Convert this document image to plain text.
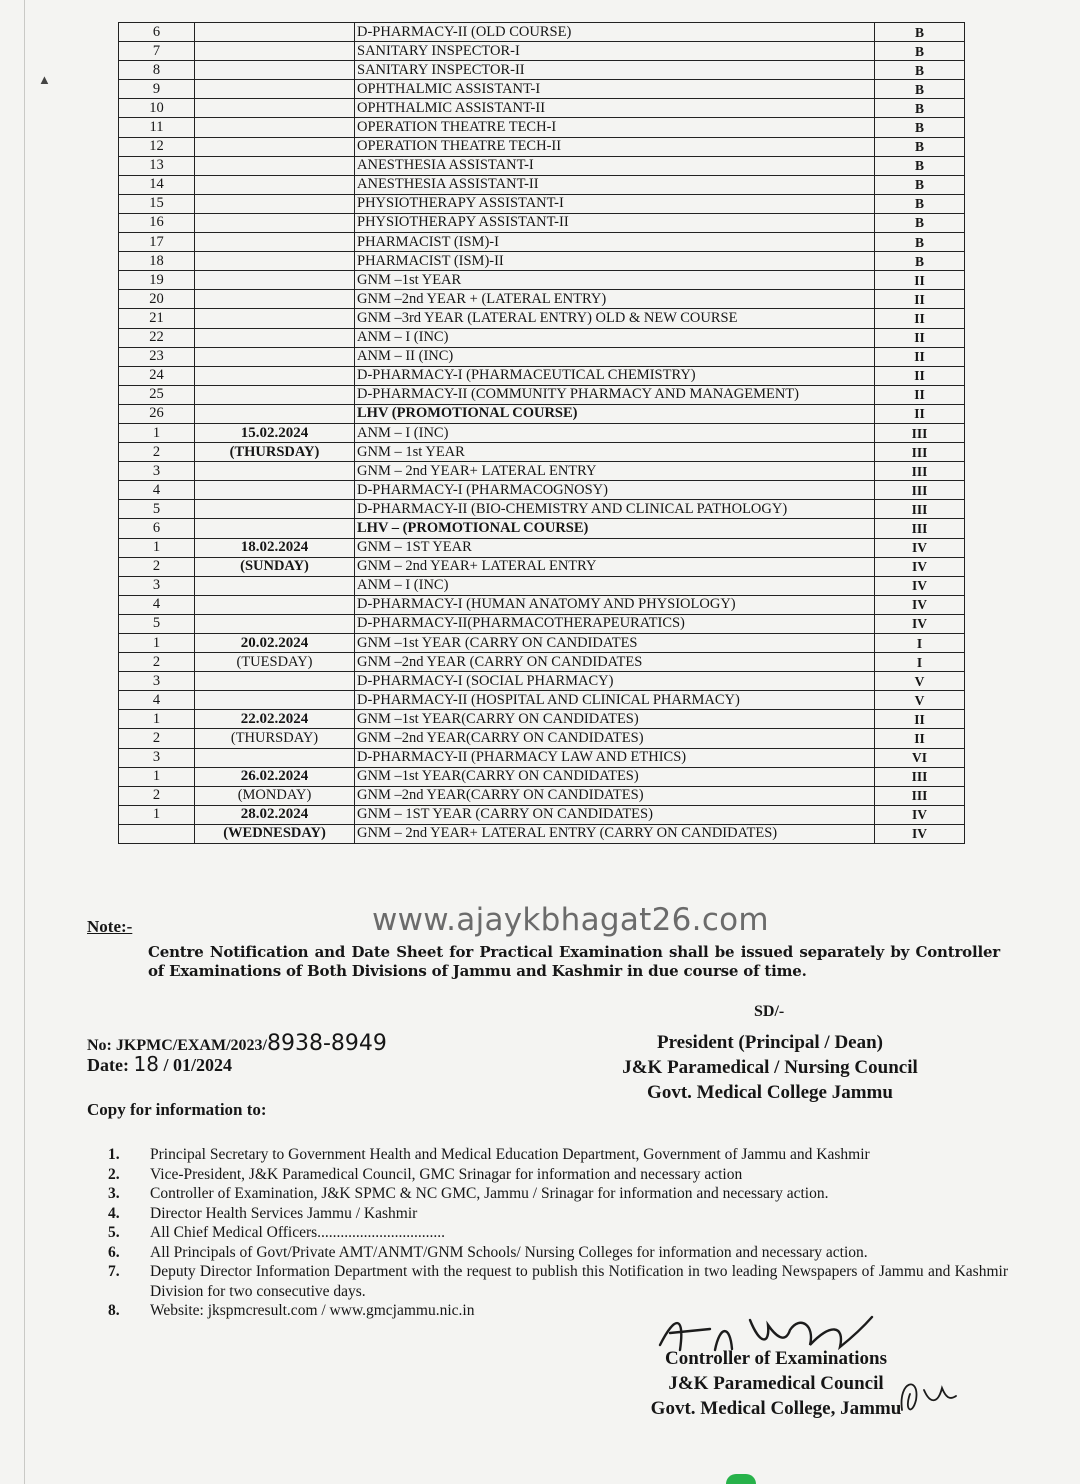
▲
6		D-PHARMACY-II (OLD COURSE)	B
7		SANITARY INSPECTOR-I	B
8		SANITARY INSPECTOR-II	B
9		OPHTHALMIC ASSISTANT-I	B
10		OPHTHALMIC ASSISTANT-II	B
11		OPERATION THEATRE TECH-I	B
12		OPERATION THEATRE TECH-II	B
13		ANESTHESIA ASSISTANT-I	B
14		ANESTHESIA ASSISTANT-II	B
15		PHYSIOTHERAPY ASSISTANT-I	B
16		PHYSIOTHERAPY ASSISTANT-II	B
17		PHARMACIST (ISM)-I	B
18		PHARMACIST (ISM)-II	B
19		GNM –1st YEAR	II
20		GNM –2nd YEAR + (LATERAL ENTRY)	II
21		GNM –3rd YEAR (LATERAL ENTRY) OLD & NEW COURSE	II
22		ANM – I (INC)	II
23		ANM – II (INC)	II
24		D-PHARMACY-I (PHARMACEUTICAL CHEMISTRY)	II
25		D-PHARMACY-II (COMMUNITY PHARMACY AND MANAGEMENT)	II
26		LHV (PROMOTIONAL COURSE)	II
1	15.02.2024	ANM – I (INC)	III
2	(THURSDAY)	GNM – 1st YEAR	III
3		GNM – 2nd YEAR+ LATERAL ENTRY	III
4		D-PHARMACY-I (PHARMACOGNOSY)	III
5		D-PHARMACY-II (BIO-CHEMISTRY AND CLINICAL PATHOLOGY)	III
6		LHV – (PROMOTIONAL COURSE)	III
1	18.02.2024	GNM – 1ST YEAR	IV
2	(SUNDAY)	GNM – 2nd YEAR+ LATERAL ENTRY	IV
3		ANM – I (INC)	IV
4		D-PHARMACY-I (HUMAN ANATOMY AND PHYSIOLOGY)	IV
5		D-PHARMACY-II(PHARMACOTHERAPEURATICS)	IV
1	20.02.2024	GNM –1st YEAR (CARRY ON CANDIDATES	I
2	(TUESDAY)	GNM –2nd YEAR (CARRY ON CANDIDATES	I
3		D-PHARMACY-I (SOCIAL PHARMACY)	V
4		D-PHARMACY-II (HOSPITAL AND CLINICAL PHARMACY)	V
1	22.02.2024	GNM –1st YEAR(CARRY ON CANDIDATES)	II
2	(THURSDAY)	GNM –2nd YEAR(CARRY ON CANDIDATES)	II
3		D-PHARMACY-II (PHARMACY LAW AND ETHICS)	VI
1	26.02.2024	GNM –1st YEAR(CARRY ON CANDIDATES)	III
2	(MONDAY)	GNM –2nd YEAR(CARRY ON CANDIDATES)	III
1	28.02.2024	GNM – 1ST YEAR (CARRY ON CANDIDATES)	IV
	(WEDNESDAY)	GNM – 2nd YEAR+ LATERAL ENTRY (CARRY ON CANDIDATES)	IV
www.ajaykbhagat26.com
Note:-
Centre Notification and Date Sheet for Practical Examination shall be issued separately by Controller of Examinations of Both Divisions of Jammu and Kashmir in due course of time.
SD/-
No: JKPMC/EXAM/2023/8938-8949
Date: 18 / 01/2024
President (Principal / Dean)
J&K Paramedical / Nursing Council
Govt. Medical College Jammu
Copy for information to:
1.	Principal Secretary to Government Health and Medical Education Department, Government of Jammu and Kashmir
2.	Vice-President, J&K Paramedical Council, GMC Srinagar for information and necessary action
3.	Controller of Examination, J&K SPMC & NC GMC, Jammu / Srinagar for information and necessary action.
4.	Director Health Services Jammu / Kashmir
5.	All Chief Medical Officers.................................
6.	All Principals of Govt/Private AMT/ANMT/GNM Schools/ Nursing Colleges for information and necessary action.
7.	Deputy Director Information Department with the request to publish this Notification in two leading Newspapers of Jammu and Kashmir Division for two consecutive days.
8.	Website: jkspmcresult.com / www.gmcjammu.nic.in
Controller of Examinations
J&K Paramedical Council
Govt. Medical College, Jammu
